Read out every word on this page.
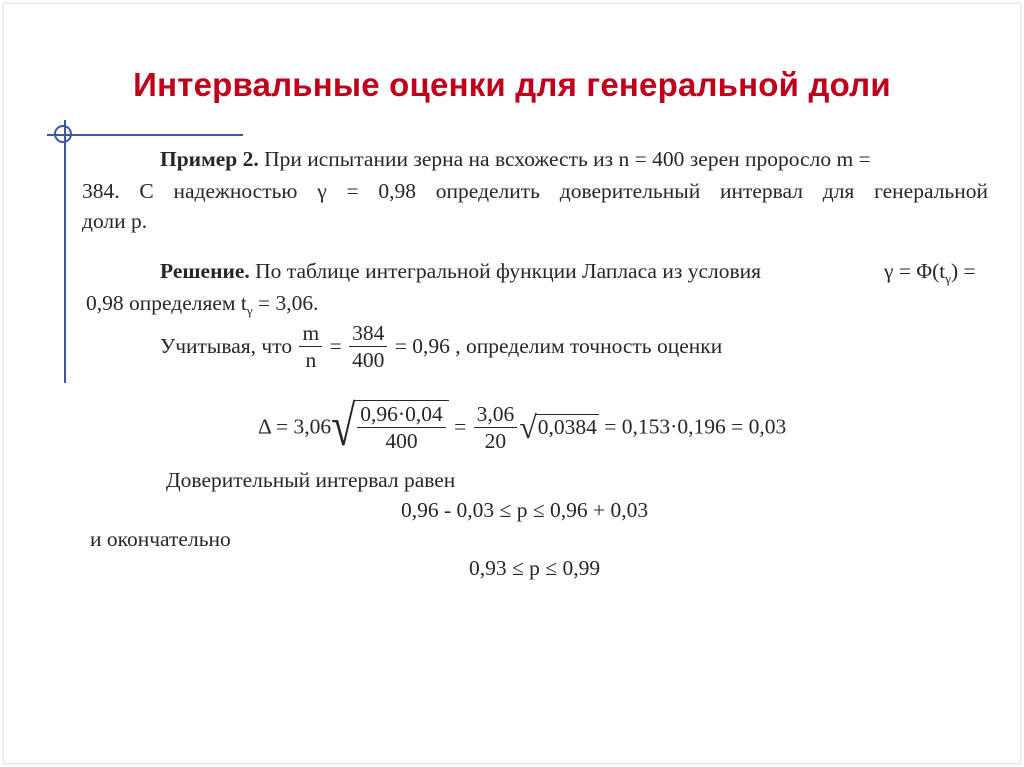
Интервальные оценки для генеральной доли
Пример 2. При испытании зерна на всхожесть из n = 400 зерен проросло m =
384. С надежностью γ = 0,98 определить доверительный интервал для генеральной
доли p.
Решение. По таблице интегральной функции Лапласа из условия	$\gamma = \Phi(t_\gamma)$ =
0,98 определяем $t_\gamma = 3,06$.
Учитывая, что $\frac{m}{n} = \frac{384}{400} = 0,96$ , определим точность оценки
$\Delta = 3,06√ \frac{0,96\cdot 0,04}{400} = \frac{3,06}{20} √0,0384 = 0,153\cdot 0,196 = 0,03$
Доверительный интервал равен
0,96 - 0,03 ≤ p ≤ 0,96 + 0,03
и окончательно
0,93 ≤ p ≤ 0,99
